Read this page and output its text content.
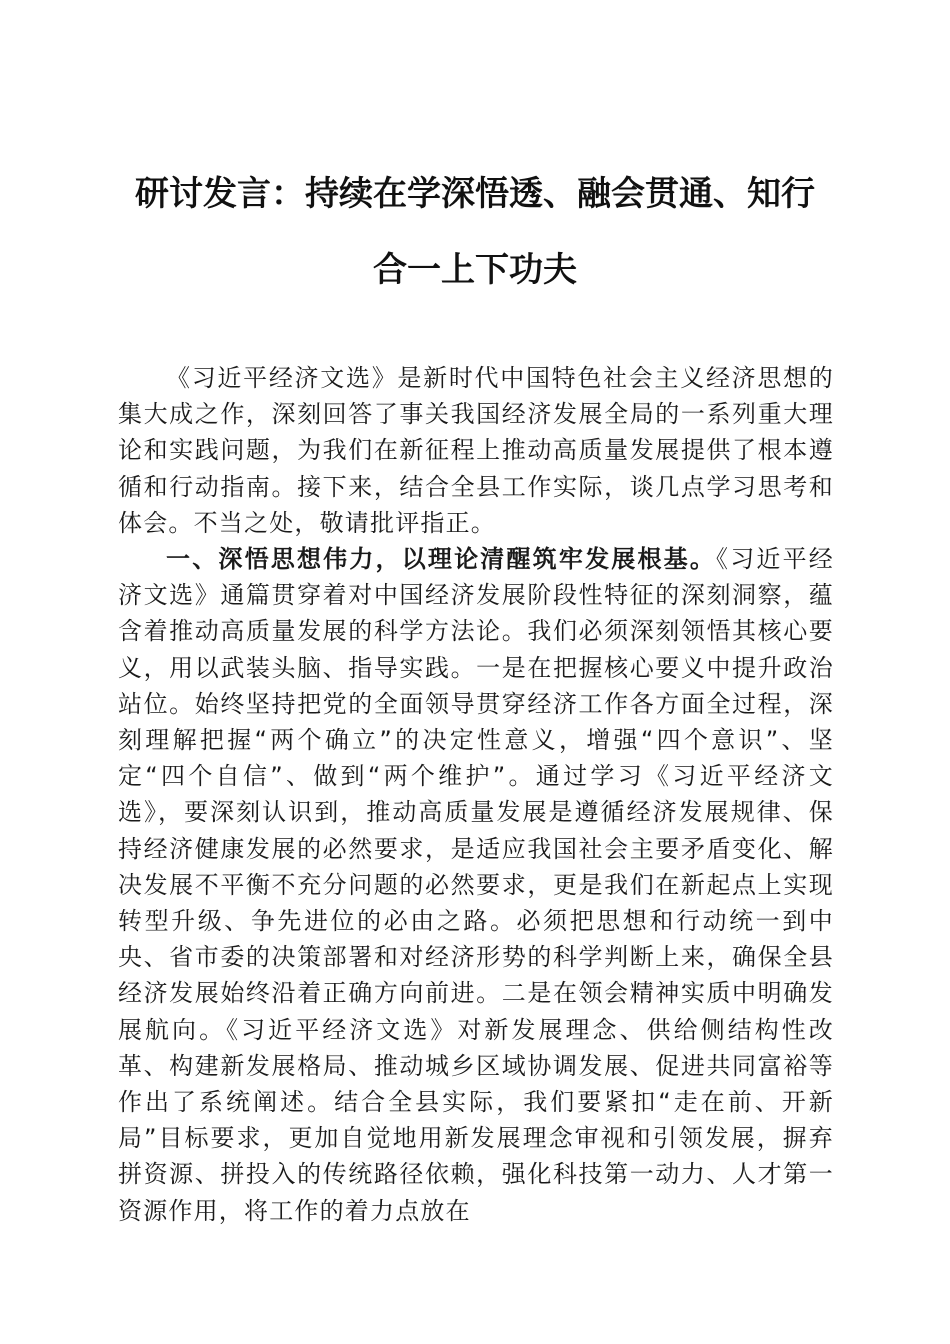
研讨发言：持续在学深悟透、融会贯通、知行
合一上下功夫

《习近平经济文选》是新时代中国特色社会主义经济思想的集大成之作，深刻回答了事关我国经济发展全局的一系列重大理论和实践问题，为我们在新征程上推动高质量发展提供了根本遵循和行动指南。接下来，结合全县工作实际，谈几点学习思考和体会。不当之处，敬请批评指正。

一、深悟思想伟力，以理论清醒筑牢发展根基。《习近平经济文选》通篇贯穿着对中国经济发展阶段性特征的深刻洞察，蕴含着推动高质量发展的科学方法论。我们必须深刻领悟其核心要义，用以武装头脑、指导实践。一是在把握核心要义中提升政治站位。始终坚持把党的全面领导贯穿经济工作各方面全过程，深刻理解把握“两个确立”的决定性意义，增强“四个意识”、坚定“四个自信”、做到“两个维护”。通过学习《习近平经济文选》，要深刻认识到，推动高质量发展是遵循经济发展规律、保持经济健康发展的必然要求，是适应我国社会主要矛盾变化、解决发展不平衡不充分问题的必然要求，更是我们在新起点上实现转型升级、争先进位的必由之路。必须把思想和行动统一到中央、省市委的决策部署和对经济形势的科学判断上来，确保全县经济发展始终沿着正确方向前进。二是在领会精神实质中明确发展航向。《习近平经济文选》对新发展理念、供给侧结构性改革、构建新发展格局、推动城乡区域协调发展、促进共同富裕等作出了系统阐述。结合全县实际，我们要紧扣“走在前、开新局”目标要求，更加自觉地用新发展理念审视和引领发展，摒弃拼资源、拼投入的传统路径依赖，强化科技第一动力、人才第一资源作用，将工作的着力点放在
